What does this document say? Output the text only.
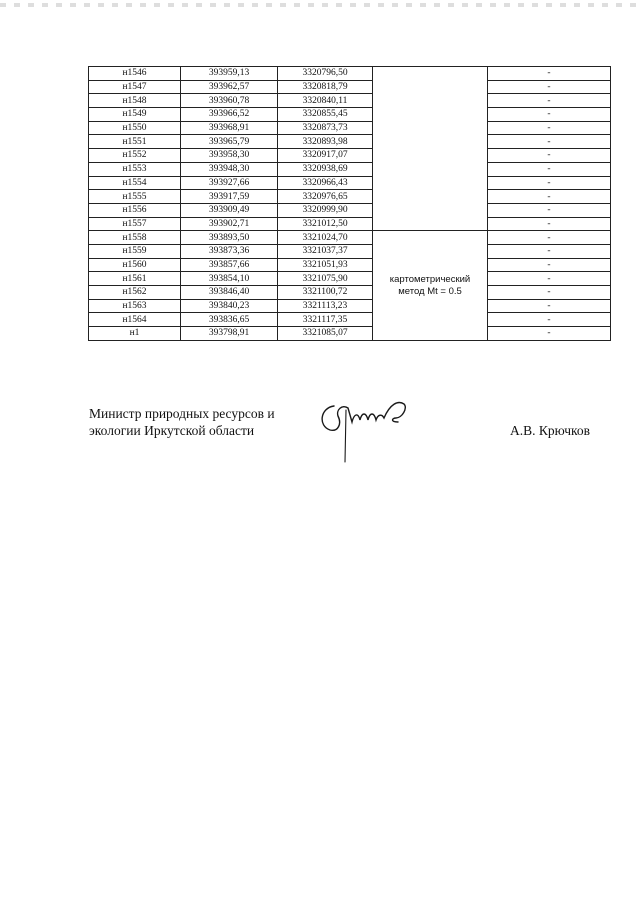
н1546	393959,13	3320796,50		-
н1547	393962,57	3320818,79		-
н1548	393960,78	3320840,11		-
н1549	393966,52	3320855,45		-
н1550	393968,91	3320873,73		-
н1551	393965,79	3320893,98		-
н1552	393958,30	3320917,07		-
н1553	393948,30	3320938,69		-
н1554	393927,66	3320966,43		-
н1555	393917,59	3320976,65		-
н1556	393909,49	3320999,90		-
н1557	393902,71	3321012,50		-
н1558	393893,50	3321024,70	картометрический
метод Mt = 0.5	-
н1559	393873,36	3321037,37		-
н1560	393857,66	3321051,93		-
н1561	393854,10	3321075,90		-
н1562	393846,40	3321100,72		-
н1563	393840,23	3321113,23		-
н1564	393836,65	3321117,35		-
н1	393798,91	3321085,07		-
Министр природных ресурсов и
экологии Иркутской области	А.В. Крючков
